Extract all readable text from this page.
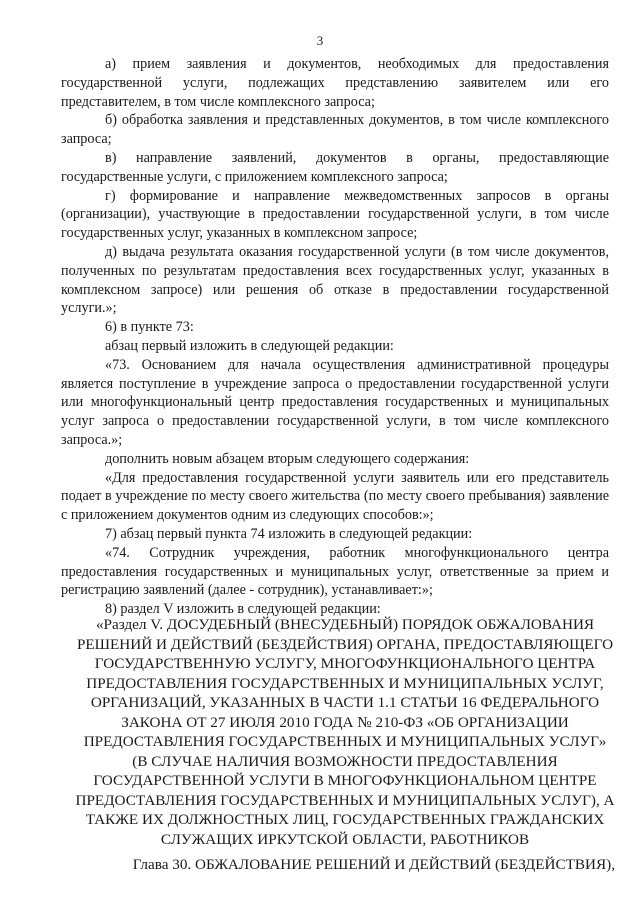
3

а) прием заявления и документов, необходимых для предоставления государственной услуги, подлежащих представлению заявителем или его представителем, в том числе комплексного запроса;

б) обработка заявления и представленных документов, в том числе комплексного запроса;

в) направление заявлений, документов в органы, предоставляющие государственные услуги, с приложением комплексного запроса;

г) формирование и направление межведомственных запросов в органы (организации), участвующие в предоставлении государственной услуги, в том числе государственных услуг, указанных в комплексном запросе;

д) выдача результата оказания государственной услуги (в том числе документов, полученных по результатам предоставления всех государственных услуг, указанных в комплексном запросе) или решения об отказе в предоставлении государственной услуги.»;

6) в пункте 73:

абзац первый изложить в следующей редакции:

«73. Основанием для начала осуществления административной процедуры является поступление в учреждение запроса о предоставлении государственной услуги или многофункциональный центр предоставления государственных и муниципальных услуг запроса о предоставлении государственной услуги, в том числе комплексного запроса.»;

дополнить новым абзацем вторым следующего содержания:

«Для предоставления государственной услуги заявитель или его представитель подает в учреждение по месту своего жительства (по месту своего пребывания) заявление с приложением документов одним из следующих способов:»;

7) абзац первый пункта 74 изложить в следующей редакции:

«74. Сотрудник учреждения, работник многофункционального центра предоставления государственных и муниципальных услуг, ответственные за прием и регистрацию заявлений (далее - сотрудник), устанавливает:»;

8) раздел V изложить в следующей редакции:

«Раздел V. ДОСУДЕБНЫЙ (ВНЕСУДЕБНЫЙ) ПОРЯДОК ОБЖАЛОВАНИЯ РЕШЕНИЙ И ДЕЙСТВИЙ (БЕЗДЕЙСТВИЯ) ОРГАНА, ПРЕДОСТАВЛЯЮЩЕГО ГОСУДАРСТВЕННУЮ УСЛУГУ, МНОГОФУНКЦИОНАЛЬНОГО ЦЕНТРА ПРЕДОСТАВЛЕНИЯ ГОСУДАРСТВЕННЫХ И МУНИЦИПАЛЬНЫХ УСЛУГ, ОРГАНИЗАЦИЙ, УКАЗАННЫХ В ЧАСТИ 1.1 СТАТЬИ 16 ФЕДЕРАЛЬНОГО ЗАКОНА ОТ 27 ИЮЛЯ 2010 ГОДА № 210-ФЗ «ОБ ОРГАНИЗАЦИИ ПРЕДОСТАВЛЕНИЯ ГОСУДАРСТВЕННЫХ И МУНИЦИПАЛЬНЫХ УСЛУГ» (В СЛУЧАЕ НАЛИЧИЯ ВОЗМОЖНОСТИ ПРЕДОСТАВЛЕНИЯ ГОСУДАРСТВЕННОЙ УСЛУГИ В МНОГОФУНКЦИОНАЛЬНОМ ЦЕНТРЕ ПРЕДОСТАВЛЕНИЯ ГОСУДАРСТВЕННЫХ И МУНИЦИПАЛЬНЫХ УСЛУГ), А ТАКЖЕ ИХ ДОЛЖНОСТНЫХ ЛИЦ, ГОСУДАРСТВЕННЫХ ГРАЖДАНСКИХ СЛУЖАЩИХ ИРКУТСКОЙ ОБЛАСТИ, РАБОТНИКОВ
Глава 30. ОБЖАЛОВАНИЕ РЕШЕНИЙ И ДЕЙСТВИЙ (БЕЗДЕЙСТВИЯ),
